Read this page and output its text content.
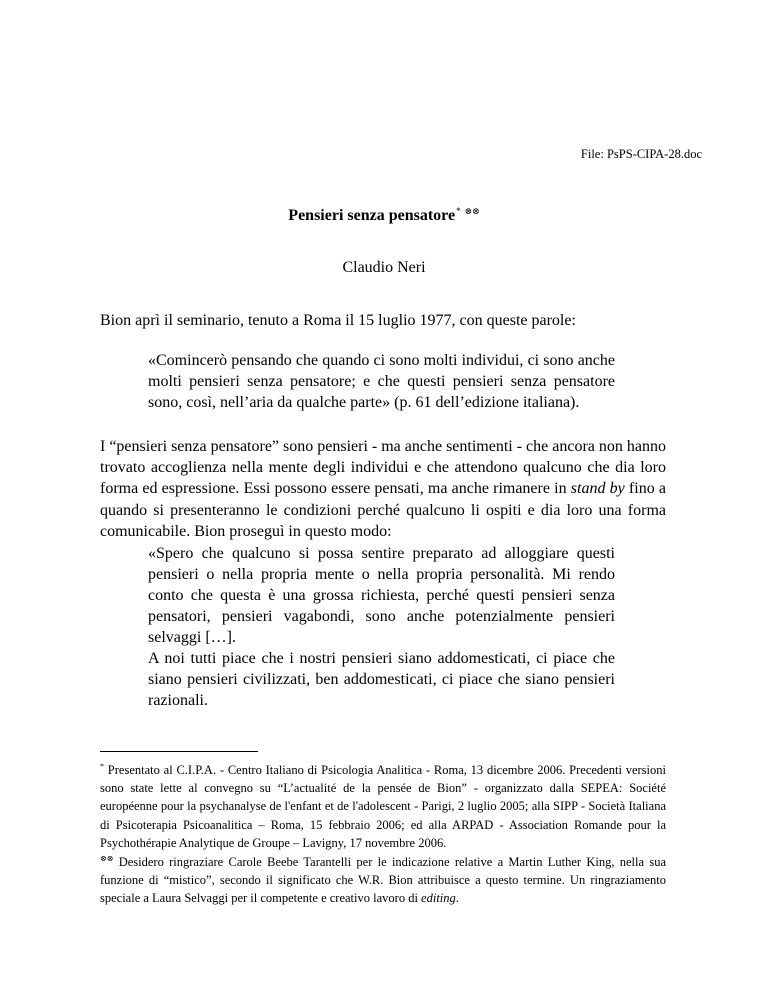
File: PsPS-CIPA-28.doc
Pensieri senza pensatore* ⊗⊗
Claudio Neri

Bion aprì il seminario, tenuto a Roma il 15 luglio 1977, con queste parole:

«Comincerò pensando che quando ci sono molti individui, ci sono anche molti pensieri senza pensatore; e che questi pensieri senza pensatore sono, così, nell’aria da qualche parte» (p. 61 dell’edizione italiana).

I “pensieri senza pensatore” sono pensieri - ma anche sentimenti - che ancora non hanno trovato accoglienza nella mente degli individui e che attendono qualcuno che dia loro forma ed espressione. Essi possono essere pensati, ma anche rimanere in stand by fino a quando si presenteranno le condizioni perché qualcuno li ospiti e dia loro una forma comunicabile. Bion proseguì in questo modo:

«Spero che qualcuno si possa sentire preparato ad alloggiare questi pensieri o nella propria mente o nella propria personalità. Mi rendo conto che questa è una grossa richiesta, perché questi pensieri senza pensatori, pensieri vagabondi, sono anche potenzialmente pensieri selvaggi […].
A noi tutti piace che i nostri pensieri siano addomesticati, ci piace che siano pensieri civilizzati, ben addomesticati, ci piace che siano pensieri razionali.

* Presentato al C.I.P.A. - Centro Italiano di Psicologia Analitica - Roma, 13 dicembre 2006. Precedenti versioni sono state lette al convegno su “L’actualité de la pensée de Bion” - organizzato dalla SEPEA: Société européenne pour la psychanalyse de l'enfant et de l'adolescent - Parigi, 2 luglio 2005; alla SIPP - Società Italiana di Psicoterapia Psicoanalitica – Roma, 15 febbraio 2006; ed alla ARPAD - Association Romande pour la Psychothérapie Analytique de Groupe – Lavigny, 17 novembre 2006.

⊗⊗ Desidero ringraziare Carole Beebe Tarantelli per le indicazione relative a Martin Luther King, nella sua funzione di “mistico”, secondo il significato che W.R. Bion attribuisce a questo termine. Un ringraziamento speciale a Laura Selvaggi per il competente e creativo lavoro di editing.
